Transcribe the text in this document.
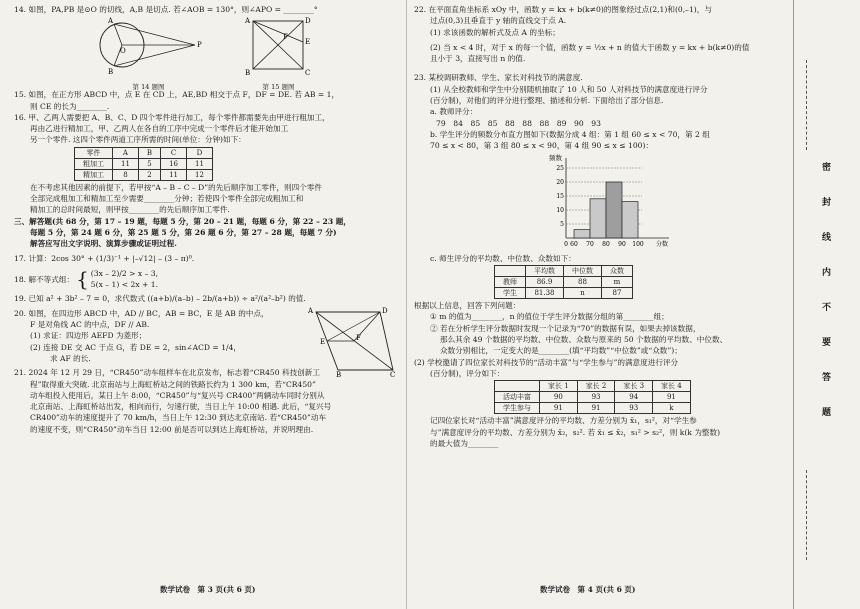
14. 如图，PA,PB 是⊙O 的切线，A,B 是切点. 若∠AOB = 130°，则∠APO = ________°

A
B
O
P
第 14 题图
A	D
B	C
E
F
第 15 题图

15. 如图，在正方形 ABCD 中，点 E 在 CD 上，AE,BD 相交于点 F，DF = DE. 若 AB = 1，

则 CE 的长为________.

16. 甲、乙两人需要把 A、B、C、D 四个零件进行加工，每个零件都需要先由甲进行粗加工，

再由乙进行精加工，甲、乙两人在各自的工序中完成一个零件后才能开始加工

另一个零件. 这四个零件两道工序所需的时间(单位：分钟)如下：

零件	A	B	C	D
粗加工	11	5	16	11
精加工	8	2	11	12

在不考虑其他因素的前提下，若甲按“A – B – C – D”的先后顺序加工零件，则四个零件

全部完成粗加工和精加工至少需要________分钟；若使四个零件全部完成粗加工和

精加工的总时间最短，则甲按________的先后顺序加工零件.

三、解答题(共 68 分，第 17 – 19 题，每题 5 分，第 20 – 21 题，每题 6 分，第 22 – 23 题，

每题 5 分，第 24 题 6 分，第 25 题 5 分，第 26 题 6 分，第 27 – 28 题，每题 7 分)

解答应写出文字说明、演算步骤或证明过程.

17. 计算：2cos 30° + (1/3)⁻¹ + |–√12| – (3 – π)⁰.

18. 解不等式组： { (3x – 2)/2 > x – 3,
5(x – 1) < 2x + 1.

19. 已知 a² + 3b² – 7 = 0，求代数式 ((a+b)/(a–b) – 2b/(a+b)) ÷ a²/(a²–b²) 的值.

20. 如图，在四边形 ABCD 中，AD // BC，AB = BC，E 是 AB 的中点，

F 是对角线 AC 的中点，DF // AB.

(1) 求证：四边形 AEFD 为菱形；

(2) 连接 DE 交 AC 于点 G，若 DE = 2，sin∠ACD = 1/4，

求 AF 的长.

A	D
E	F
B	C

21. 2024 年 12 月 29 日，“CR450”动车组样车在北京发布，标志着“CR450 科技创新工

程”取得重大突破. 北京南站与上海虹桥站之间的铁路长约为 1 300 km，若“CR450”

动车组投入使用后，某日上午 8:00，“CR450”与“复兴号 CR400”两辆动车同时分别从

北京南站、上海虹桥站出发，相向而行，匀速行驶，当日上午 10:00 相遇. 此后，“复兴号

CR400”动车的速度提升了 70 km/h，当日上午 12:30 到达北京南站. 若“CR450”动车

的速度不变，则“CR450”动车当日 12:00 前是否可以到达上海虹桥站，并说明理由.

数学试卷　第 3 页(共 6 页)

22. 在平面直角坐标系 xOy 中，函数 y = kx + b(k≠0)的图象经过点(2,1)和(0,–1)，与

过点(0,3)且垂直于 y 轴的直线交于点 A.

(1) 求该函数的解析式及点 A 的坐标；

(2) 当 x < 4 时，对于 x 的每一个值，函数 y = ½x + n 的值大于函数 y = kx + b(k≠0)的值

且小于 3，直接写出 n 的值.

23. 某校调研教师、学生、家长对科技节的满意度.

(1) 从全校教师和学生中分别随机抽取了 10 人和 50 人对科技节的满意度进行评分

(百分制)，对他们的评分进行整理、描述和分析. 下面给出了部分信息.

a. 教师评分：

79　84　85　85　88　88　88　89　90　93

b. 学生评分的频数分布直方图如下(数据分成 4 组：第 1 组 60 ≤ x < 70，第 2 组

70 ≤ x < 80，第 3 组 80 ≤ x < 90，第 4 组 90 ≤ x ≤ 100)：

频数
5
10
15
20
25
0 60 70 80 90 100 分数

c. 师生评分的平均数、中位数、众数如下：

	平均数	中位数	众数
教师	86.9	88	m
学生	81.38	n	87

根据以上信息，回答下列问题：

① m 的值为________，n 的值位于学生评分数据分组的第________组；

② 若在分析学生评分数据时发现一个记录为“70”的数据有误，如果去掉该数据，

那么其余 49 个数据的平均数、中位数、众数与原来的 50 个数据的平均数、中位数、

众数分别相比，一定变大的是________(填“平均数”“中位数”或“众数”)；

(2) 学校邀请了四位家长对科技节的“活动丰富”与“学生参与”的满意度进行评分

(百分制)，评分如下：

	家长 1	家长 2	家长 3	家长 4
活动丰富	90	93	94	91
学生参与	91	91	93	k

记四位家长对“活动丰富”满意度评分的平均数、方差分别为 x̄₁，s₁²，对“学生参

与”满意度评分的平均数、方差分别为 x̄₂，s₂². 若 x̄₁ ≤ x̄₂，s₁² > s₂²，则 k(k 为整数)

的最大值为________

数学试卷　第 4 页(共 6 页)
密
封
线
内
不
要
答
题
